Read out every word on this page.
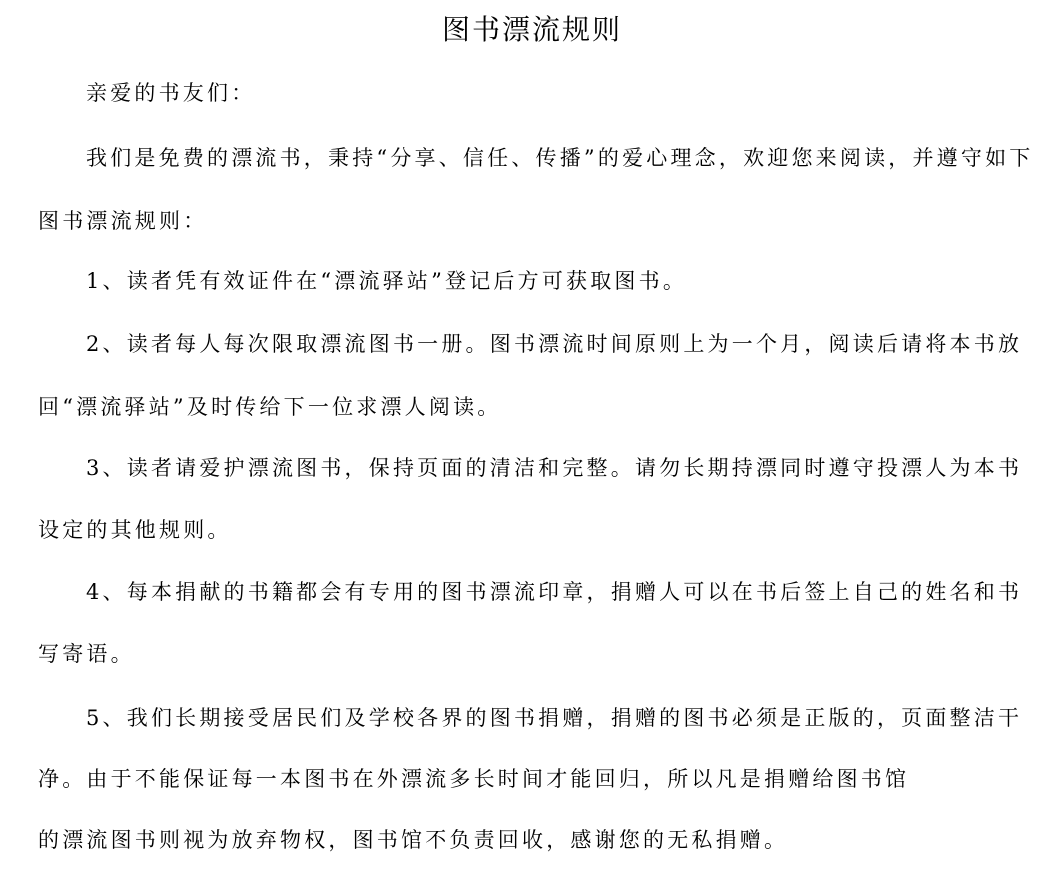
图书漂流规则
亲爱的书友们：
我们是免费的漂流书，秉持“分享、信任、传播”的爱心理念，欢迎您来阅读，并遵守如下
图书漂流规则：
1、读者凭有效证件在“漂流驿站”登记后方可获取图书。
2、读者每人每次限取漂流图书一册。图书漂流时间原则上为一个月，阅读后请将本书放
回“漂流驿站”及时传给下一位求漂人阅读。
3、读者请爱护漂流图书，保持页面的清洁和完整。请勿长期持漂同时遵守投漂人为本书
设定的其他规则。
4、每本捐献的书籍都会有专用的图书漂流印章，捐赠人可以在书后签上自己的姓名和书
写寄语。
5、我们长期接受居民们及学校各界的图书捐赠，捐赠的图书必须是正版的，页面整洁干
净。由于不能保证每一本图书在外漂流多长时间才能回归，所以凡是捐赠给图书馆
的漂流图书则视为放弃物权，图书馆不负责回收，感谢您的无私捐赠。
